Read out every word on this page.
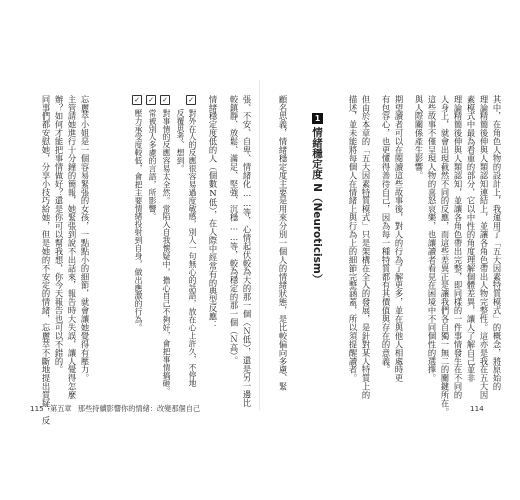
其中，在角色人物的設計上，我運用了「五大因素特質模式」的概念，將原始的
理論精簡後伸與人類認知連結上，並讓各角色帶出人物完整性。這亦是我在五大因
素模式中最為看重的部分，它以中性的角度理解個體差異，讓人了解自己並非
理論精簡後伸與人類認知，並讓各角色帶出完整，即同樣的一件事情發生在不同的
人身上，就會出現截然不同的反應，而這些差異正是讓我們各自獨一無二的關鍵所在。
這些故事不僅呈現人物的喜怒哀樂，也讓讀者看見在困境中不同個性的選擇。
與人際關係產生影響。
期望讀者可以在閱讀這些故事後，對人的行為了解更多，並在與他人相處時更
有包容心，也更懂得善待自己，因為每一種特質都有其價值與存在的意義。
但由於本章的「五大因素特質模式」只是架構在全人的發展，是針對某人特質上的
描述，並未能將每個人在情緒上與行為上的細節完整涵蓋，所以須提醒讀者。
1情緒穩定度 N（Neuroticism）
顧名思義，情緒穩定度主要是用來分別一個人的情緒狀態，是比較偏向多慮、緊
114
張、不安、自卑、情緒化……等，心情起伏較為大的那一個（Ｎ低），還是另一邊比
較鎮靜、放鬆、滿足、堅強、沉穩……等，較為穩定的那一個（Ｎ高）。
情緒穩定度低的人（個數N低），在人際中經常有的典型反應：
✓
對外在人的反應很容易過度敏感，別人一句無心的話語，放在心上許久，不停地
反覆思考、想到。
✓
對事情的反應容易太全然。常陷入自我懷疑中，擔心自己不夠好，會把事情搞砸。
✓
常被別人多慮的言語，所影響。
✓
壓力承受度較低，會把主要情緒投射到自身，做出應激的行為。
忘麗萃小姐是一個容易緊張的女孩，一點點小的細節，就會讓她覺得有壓力。
主管請她進行十分鐘的簡報，她緊張到說不出話來，報告時大失誤，讓人覺得怎麼
辦？如何才能把事情做好？還是你可以幫我想，你今天報告也可以不錯的。
同事們都安慰她，分享小技巧給她，但是她的不安定的情緒，忘麗萃不斷地提出質疑，反
115 第五章 那些持續影響你的情緒：改變那個自己
